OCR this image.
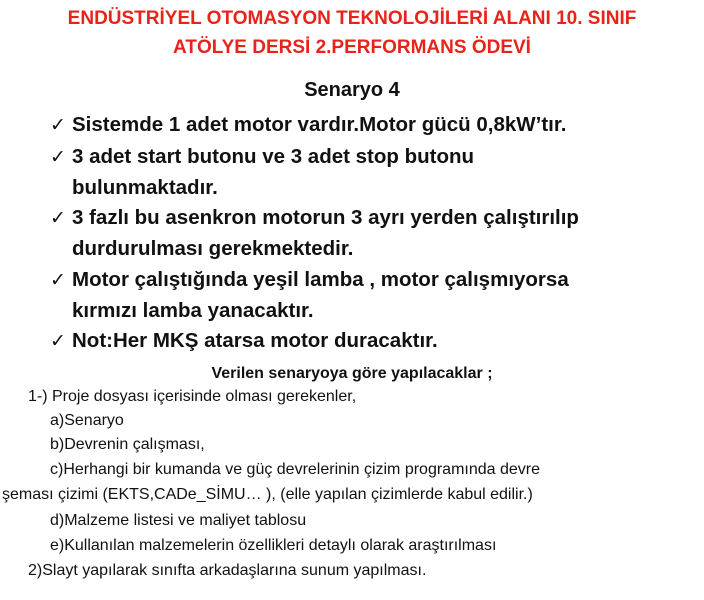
ENDÜSTRİYEL OTOMASYON TEKNOLOJİLERİ ALANI 10. SINIF
ATÖLYE DERSİ 2.PERFORMANS ÖDEVİ
Senaryo 4
✓ Sistemde 1 adet motor vardır.Motor gücü 0,8kW’tır.
✓ 3 adet start butonu ve 3 adet stop butonu
bulunmaktadır.
✓ 3 fazlı bu asenkron motorun 3 ayrı yerden çalıştırılıp
durdurulması gerekmektedir.
✓ Motor çalıştığında yeşil lamba , motor çalışmıyorsa
kırmızı lamba yanacaktır.
✓ Not:Her MKŞ atarsa motor duracaktır.
Verilen senaryoya göre yapılacaklar ;
1-) Proje dosyası içerisinde olması gerekenler,
a)Senaryo
b)Devrenin çalışması,
c)Herhangi bir kumanda ve güç devrelerinin çizim programında devre
şeması çizimi (EKTS,CADe_SİMU… ), (elle yapılan çizimlerde kabul edilir.)
d)Malzeme listesi ve maliyet tablosu
e)Kullanılan malzemelerin özellikleri detaylı olarak araştırılması
2)Slayt yapılarak sınıfta arkadaşlarına sunum yapılması.
